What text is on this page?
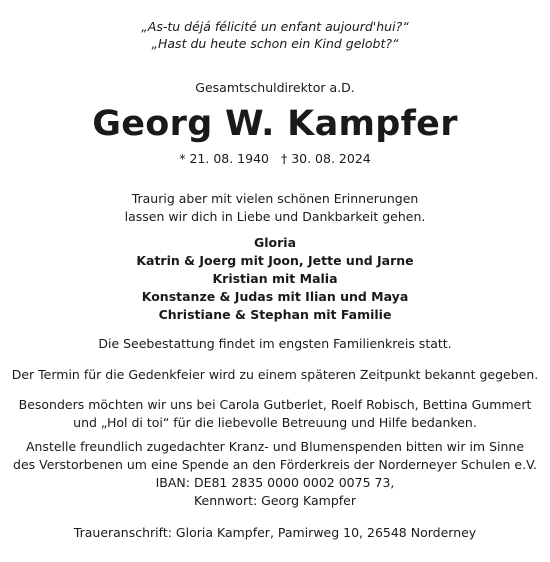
„As-tu déjá félicité un enfant aujourd'hui?“
„Hast du heute schon ein Kind gelobt?“
Gesamtschuldirektor a.D.
Georg W. Kampfer
* 21. 08. 1940 † 30. 08. 2024
Traurig aber mit vielen schönen Erinnerungen
lassen wir dich in Liebe und Dankbarkeit gehen.
Gloria
Katrin & Joerg mit Joon, Jette und Jarne
Kristian mit Malia
Konstanze & Judas mit Ilian und Maya
Christiane & Stephan mit Familie
Die Seebestattung findet im engsten Familienkreis statt.
Der Termin für die Gedenkfeier wird zu einem späteren Zeitpunkt bekannt gegeben.
Besonders möchten wir uns bei Carola Gutberlet, Roelf Robisch, Bettina Gummert
und „Hol di toi“ für die liebevolle Betreuung und Hilfe bedanken.
Anstelle freundlich zugedachter Kranz- und Blumenspenden bitten wir im Sinne
des Verstorbenen um eine Spende an den Förderkreis der Norderneyer Schulen e.V.
IBAN: DE81 2835 0000 0002 0075 73,
Kennwort: Georg Kampfer
Traueranschrift: Gloria Kampfer, Pamirweg 10, 26548 Norderney
